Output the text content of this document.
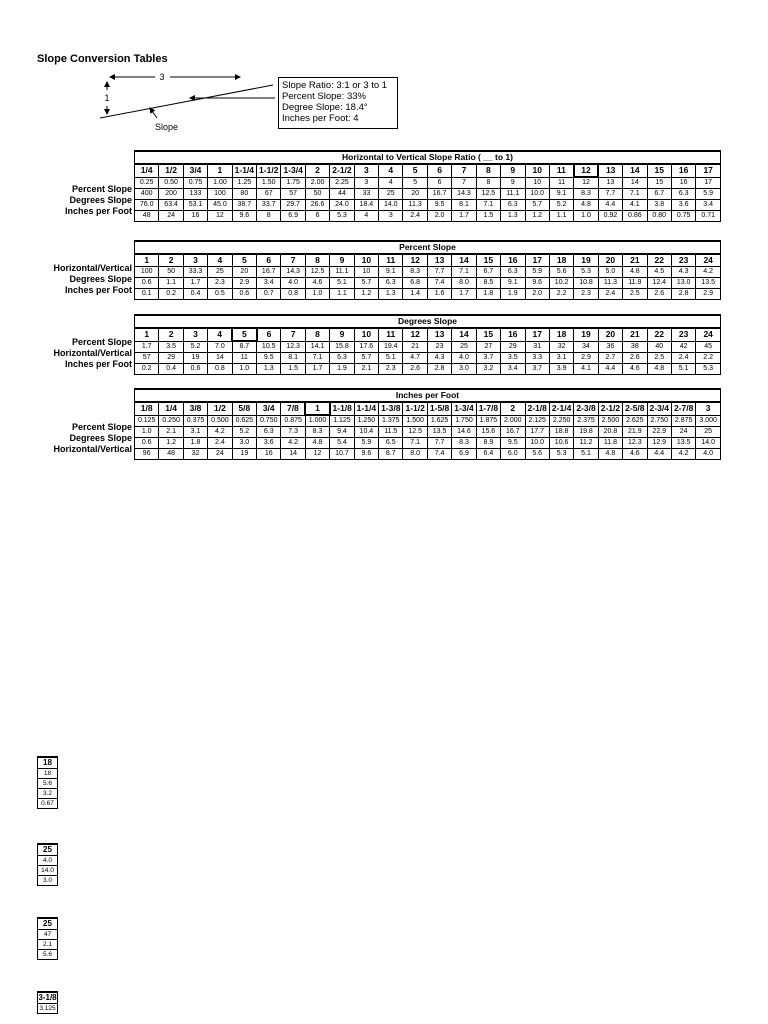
Slope Conversion Tables
3
1
Slope
Slope Ratio: 3:1 or 3 to 1
Percent Slope: 33%
Degree Slope: 18.4°
Inches per Foot: 4
Horizontal to Vertical Slope Ratio ( __ to 1)																							
1/4	1/2	3/4	1	1-1/4	1-1/2	1-3/4	2	2-1/2	3	4	5	6	7	8	9	10	11	12	13	14	15	16	17
0.25	0.50	0.75	1.00	1.25	1.50	1.75	2.00	2.25	3	4	5	6	7	8	9	10	11	12	13	14	15	16	17
400	200	133	100	80	67	57	50	44	33	25	20	16.7	14.3	12.5	11.1	10.0	9.1	8.3	7.7	7.1	6.7	6.3	5.9
76.0	63.4	53.1	45.0	38.7	33.7	29.7	26.6	24.0	18.4	14.0	11.3	9.5	8.1	7.1	6.3	5.7	5.2	4.8	4.4	4.1	3.8	3.6	3.4
48	24	16	12	9.6	8	6.9	6	5.3	4	3	2.4	2.0	1.7	1.5	1.3	1.2	1.1	1.0	0.92	0.86	0.80	0.75	0.71
Percent Slope
Degrees Slope
Inches per Foot
Percent Slope																							
1	2	3	4	5	6	7	8	9	10	11	12	13	14	15	16	17	18	19	20	21	22	23	24
100	50	33.3	25	20	16.7	14.3	12.5	11.1	10	9.1	8.3	7.7	7.1	6.7	6.3	5.9	5.6	5.3	5.0	4.8	4.5	4.3	4.2
0.6	1.1	1.7	2.3	2.9	3.4	4.0	4.6	5.1	5.7	6.3	6.8	7.4	8.0	8.5	9.1	9.6	10.2	10.8	11.3	11.9	12.4	13.0	13.5
0.1	0.2	0.4	0.5	0.6	0.7	0.8	1.0	1.1	1.2	1.3	1.4	1.6	1.7	1.8	1.9	2.0	2.2	2.3	2.4	2.5	2.6	2.8	2.9
Horizontal/Vertical
Degrees Slope
Inches per Foot
Degrees Slope																							
1	2	3	4	5	6	7	8	9	10	11	12	13	14	15	16	17	18	19	20	21	22	23	24
1.7	3.5	5.2	7.0	8.7	10.5	12.3	14.1	15.8	17.6	19.4	21	23	25	27	29	31	32	34	36	38	40	42	45
57	29	19	14	11	9.5	8.1	7.1	6.3	5.7	5.1	4.7	4.3	4.0	3.7	3.5	3.3	3.1	2.9	2.7	2.6	2.5	2.4	2.2
0.2	0.4	0.6	0.8	1.0	1.3	1.5	1.7	1.9	2.1	2.3	2.6	2.8	3.0	3.2	3.4	3.7	3.9	4.1	4.4	4.6	4.8	5.1	5.3
Percent Slope
Horizontal/Vertical
Inches per Foot
Inches per Foot																							
1/8	1/4	3/8	1/2	5/8	3/4	7/8	1	1-1/8	1-1/4	1-3/8	1-1/2	1-5/8	1-3/4	1-7/8	2	2-1/8	2-1/4	2-3/8	2-1/2	2-5/8	2-3/4	2-7/8	3
0.125	0.250	0.375	0.500	0.625	0.750	0.875	1.000	1.125	1.250	1.375	1.500	1.625	1.750	1.875	2.000	2.125	2.250	2.375	2.500	2.625	2.750	2.875	3.000
1.0	2.1	3.1	4.2	5.2	6.3	7.3	8.3	9.4	10.4	11.5	12.5	13.5	14.6	15.6	16.7	17.7	18.8	19.8	20.8	21.9	22.9	24	25
0.6	1.2	1.8	2.4	3.0	3.6	4.2	4.8	5.4	5.9	6.5	7.1	7.7	8.3	8.9	9.5	10.0	10.6	11.2	11.8	12.3	12.9	13.5	14.0
96	48	32	24	19	16	14	12	10.7	9.6	8.7	8.0	7.4	6.9	6.4	6.0	5.6	5.3	5.1	4.8	4.6	4.4	4.2	4.0
Percent Slope
Degrees Slope
Horizontal/Vertical
18
18
5.6
3.2
0.67
25
4.0
14.0
3.0
25
47
2.1
5.6
3-1/8
3.125
